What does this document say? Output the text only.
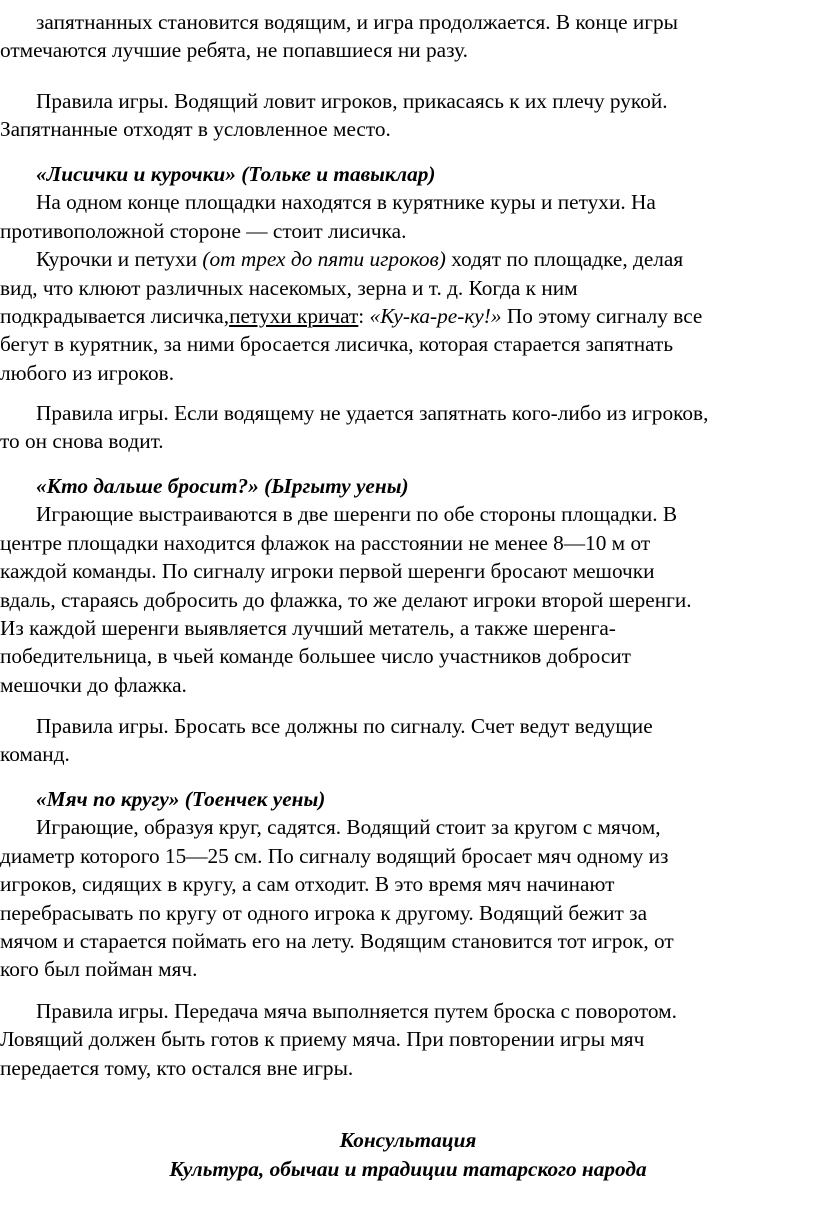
запятнанных становится водящим, и игра продолжается. В конце игры
отмечаются лучшие ребята, не попавшиеся ни разу.
Правила игры. Водящий ловит игроков, прикасаясь к их плечу рукой.
Запятнанные отходят в условленное место.
«Лисички и курочки» (Тольке и тавыклар)
На одном конце площадки находятся в курятнике куры и петухи. На
противоположной стороне — стоит лисичка.
Курочки и петухи (от трех до пяти игроков) ходят по площадке, делая
вид, что клюют различных насекомых, зерна и т. д. Когда к ним
подкрадывается лисичка,петухи кричат: «Ку-ка-ре-ку!» По этому сигналу все
бегут в курятник, за ними бросается лисичка, которая старается запятнать
любого из игроков.
Правила игры. Если водящему не удается запятнать кого-либо из игроков,
то он снова водит.
«Кто дальше бросит?» (Ыргыту уены)
Играющие выстраиваются в две шеренги по обе стороны площадки. В
центре площадки находится флажок на расстоянии не менее 8—10 м от
каждой команды. По сигналу игроки первой шеренги бросают мешочки
вдаль, стараясь добросить до флажка, то же делают игроки второй шеренги.
Из каждой шеренги выявляется лучший метатель, а также шеренга-
победительница, в чьей команде большее число участников добросит
мешочки до флажка.
Правила игры. Бросать все должны по сигналу. Счет ведут ведущие
команд.
«Мяч по кругу» (Тоенчек уены)
Играющие, образуя круг, садятся. Водящий стоит за кругом с мячом,
диаметр которого 15—25 см. По сигналу водящий бросает мяч одному из
игроков, сидящих в кругу, а сам отходит. В это время мяч начинают
перебрасывать по кругу от одного игрока к другому. Водящий бежит за
мячом и старается поймать его на лету. Водящим становится тот игрок, от
кого был пойман мяч.
Правила игры. Передача мяча выполняется путем броска с поворотом.
Ловящий должен быть готов к приему мяча. При повторении игры мяч
передается тому, кто остался вне игры.
Консультация
Культура, обычаи и традиции татарского народа
